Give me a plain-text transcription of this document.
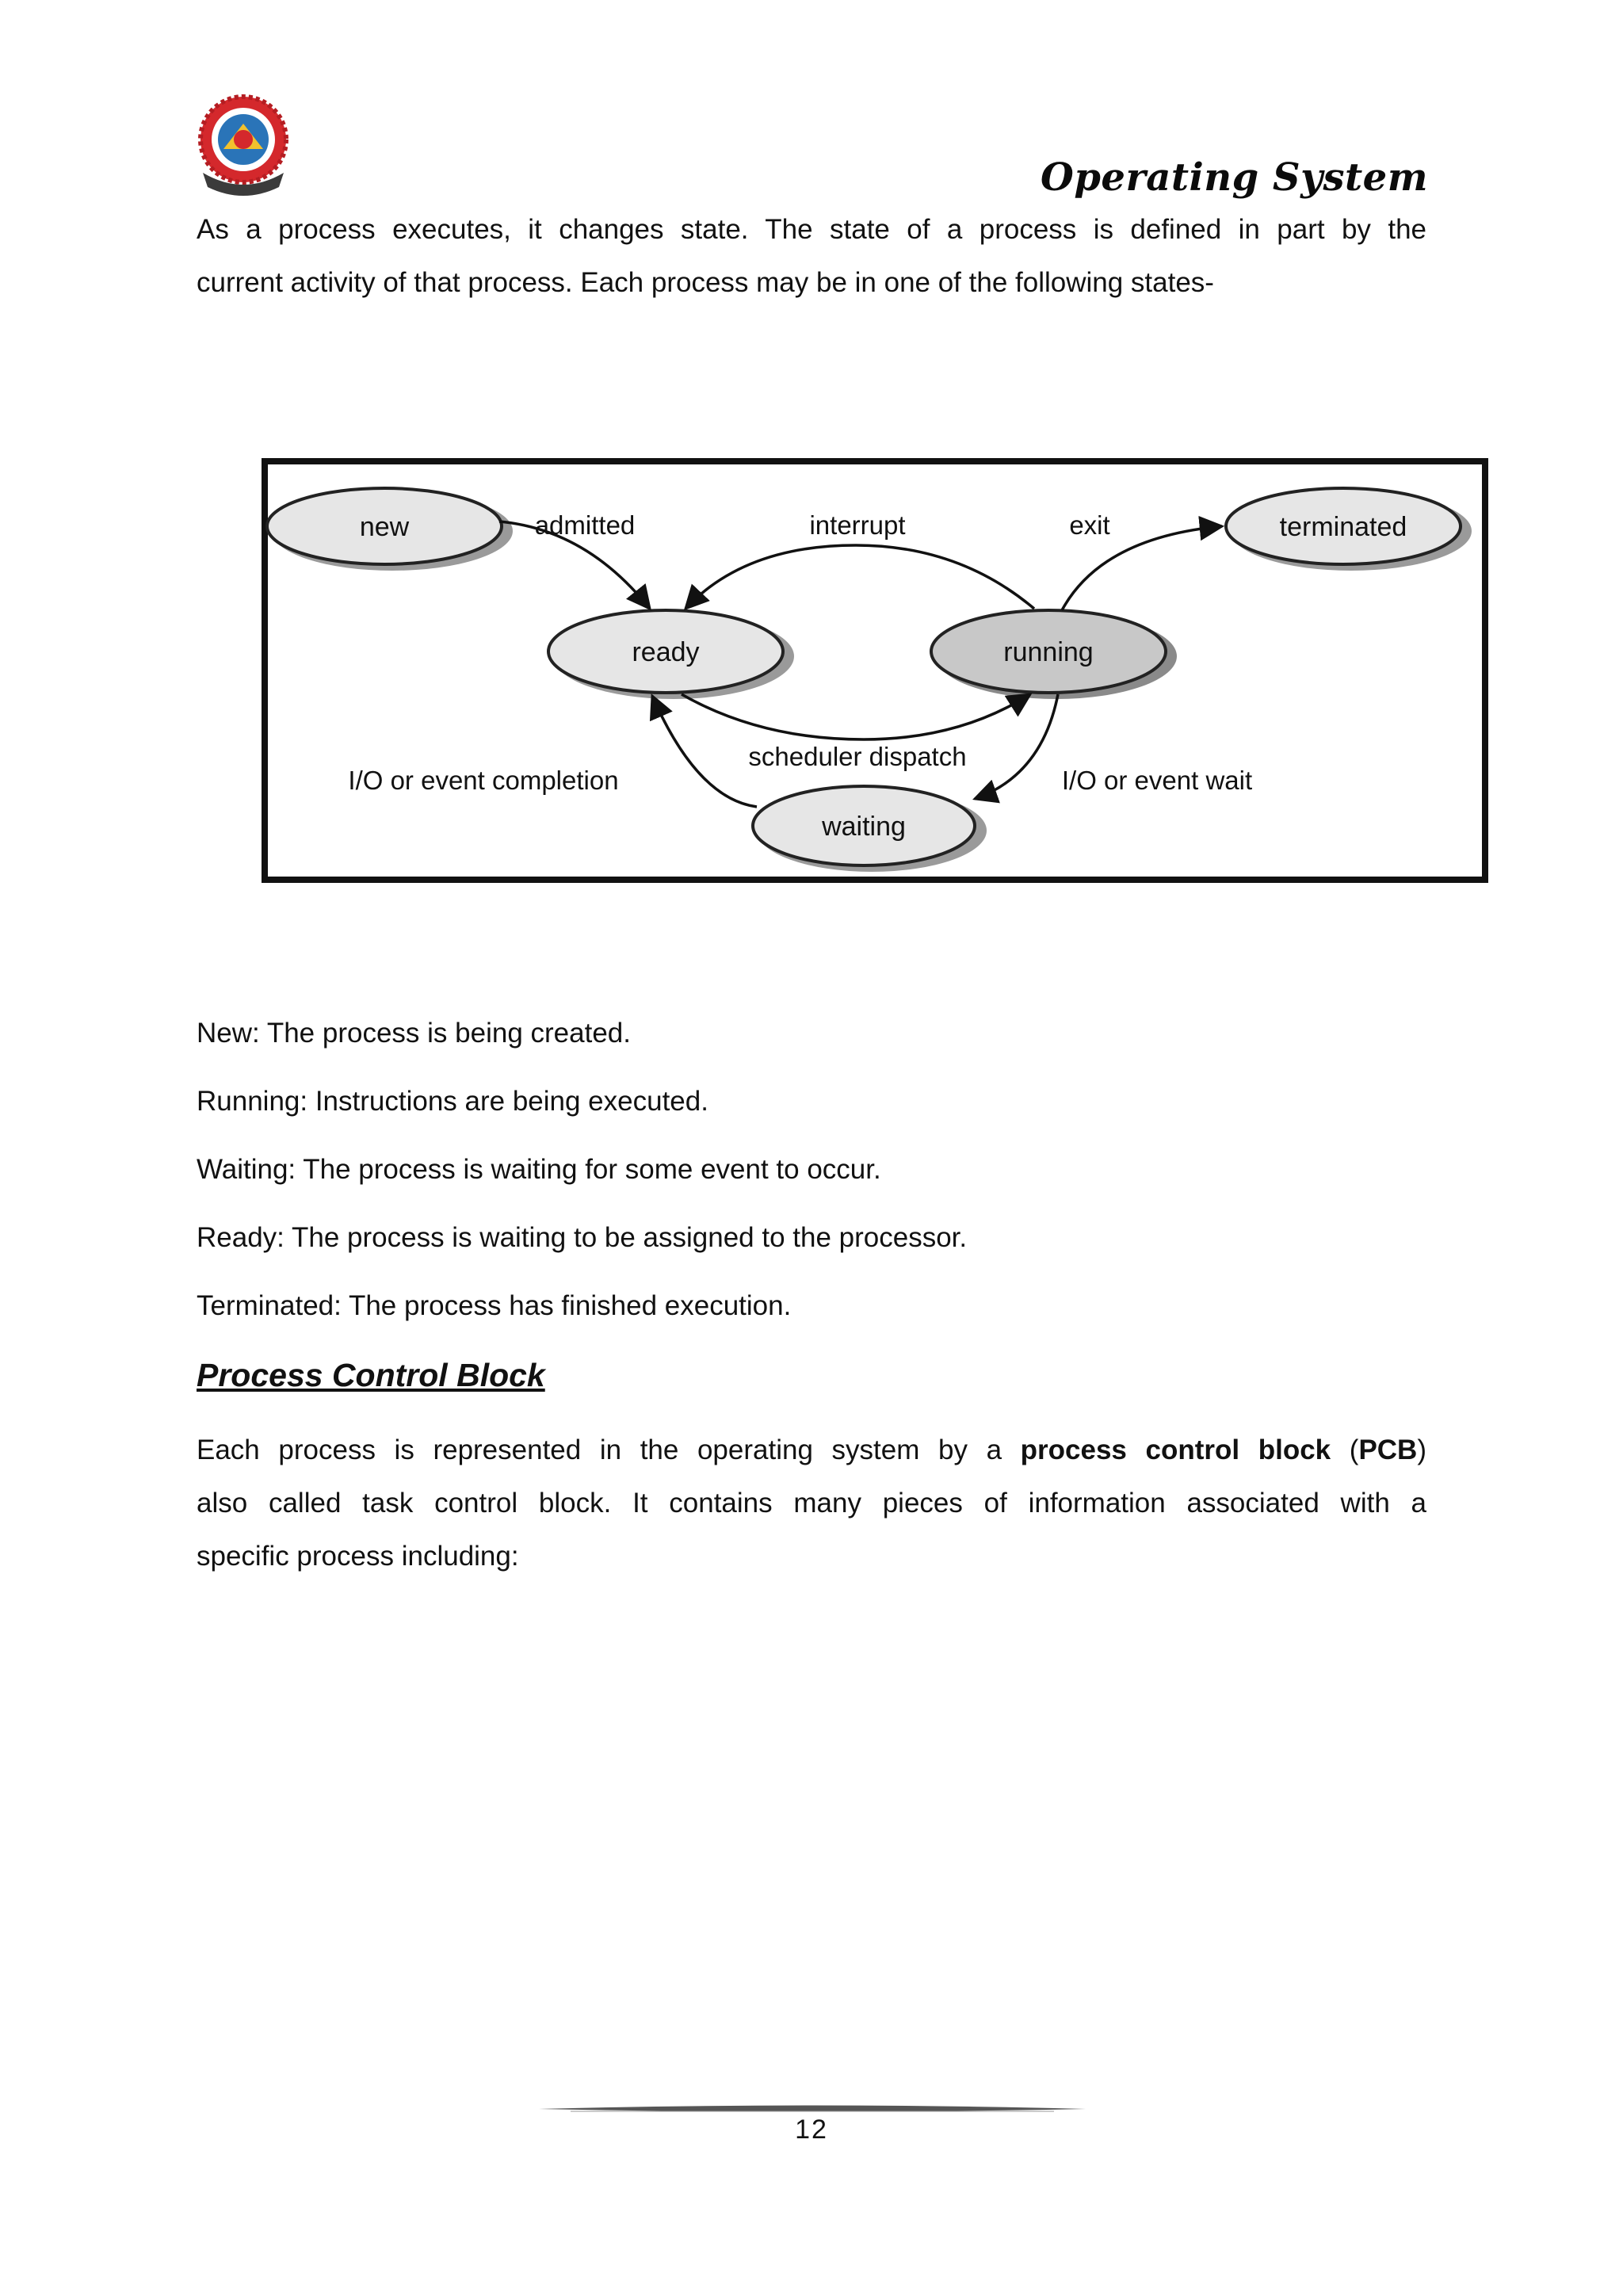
Operating System
As a process executes, it changes state. The state of a process is defined in part by the
current activity of that process. Each process may be in one of the following states-
new	terminated
ready	running
waiting
admitted	interrupt	exit
scheduler dispatch
I/O or event completion	I/O or event wait
New: The process is being created.
Running: Instructions are being executed.
Waiting: The process is waiting for some event to occur.
Ready: The process is waiting to be assigned to the processor.
Terminated: The process has finished execution.
Process Control Block
Each process is represented in the operating system by a process control block (PCB)
also called task control block. It contains many pieces of information associated with a
specific process including:
12
